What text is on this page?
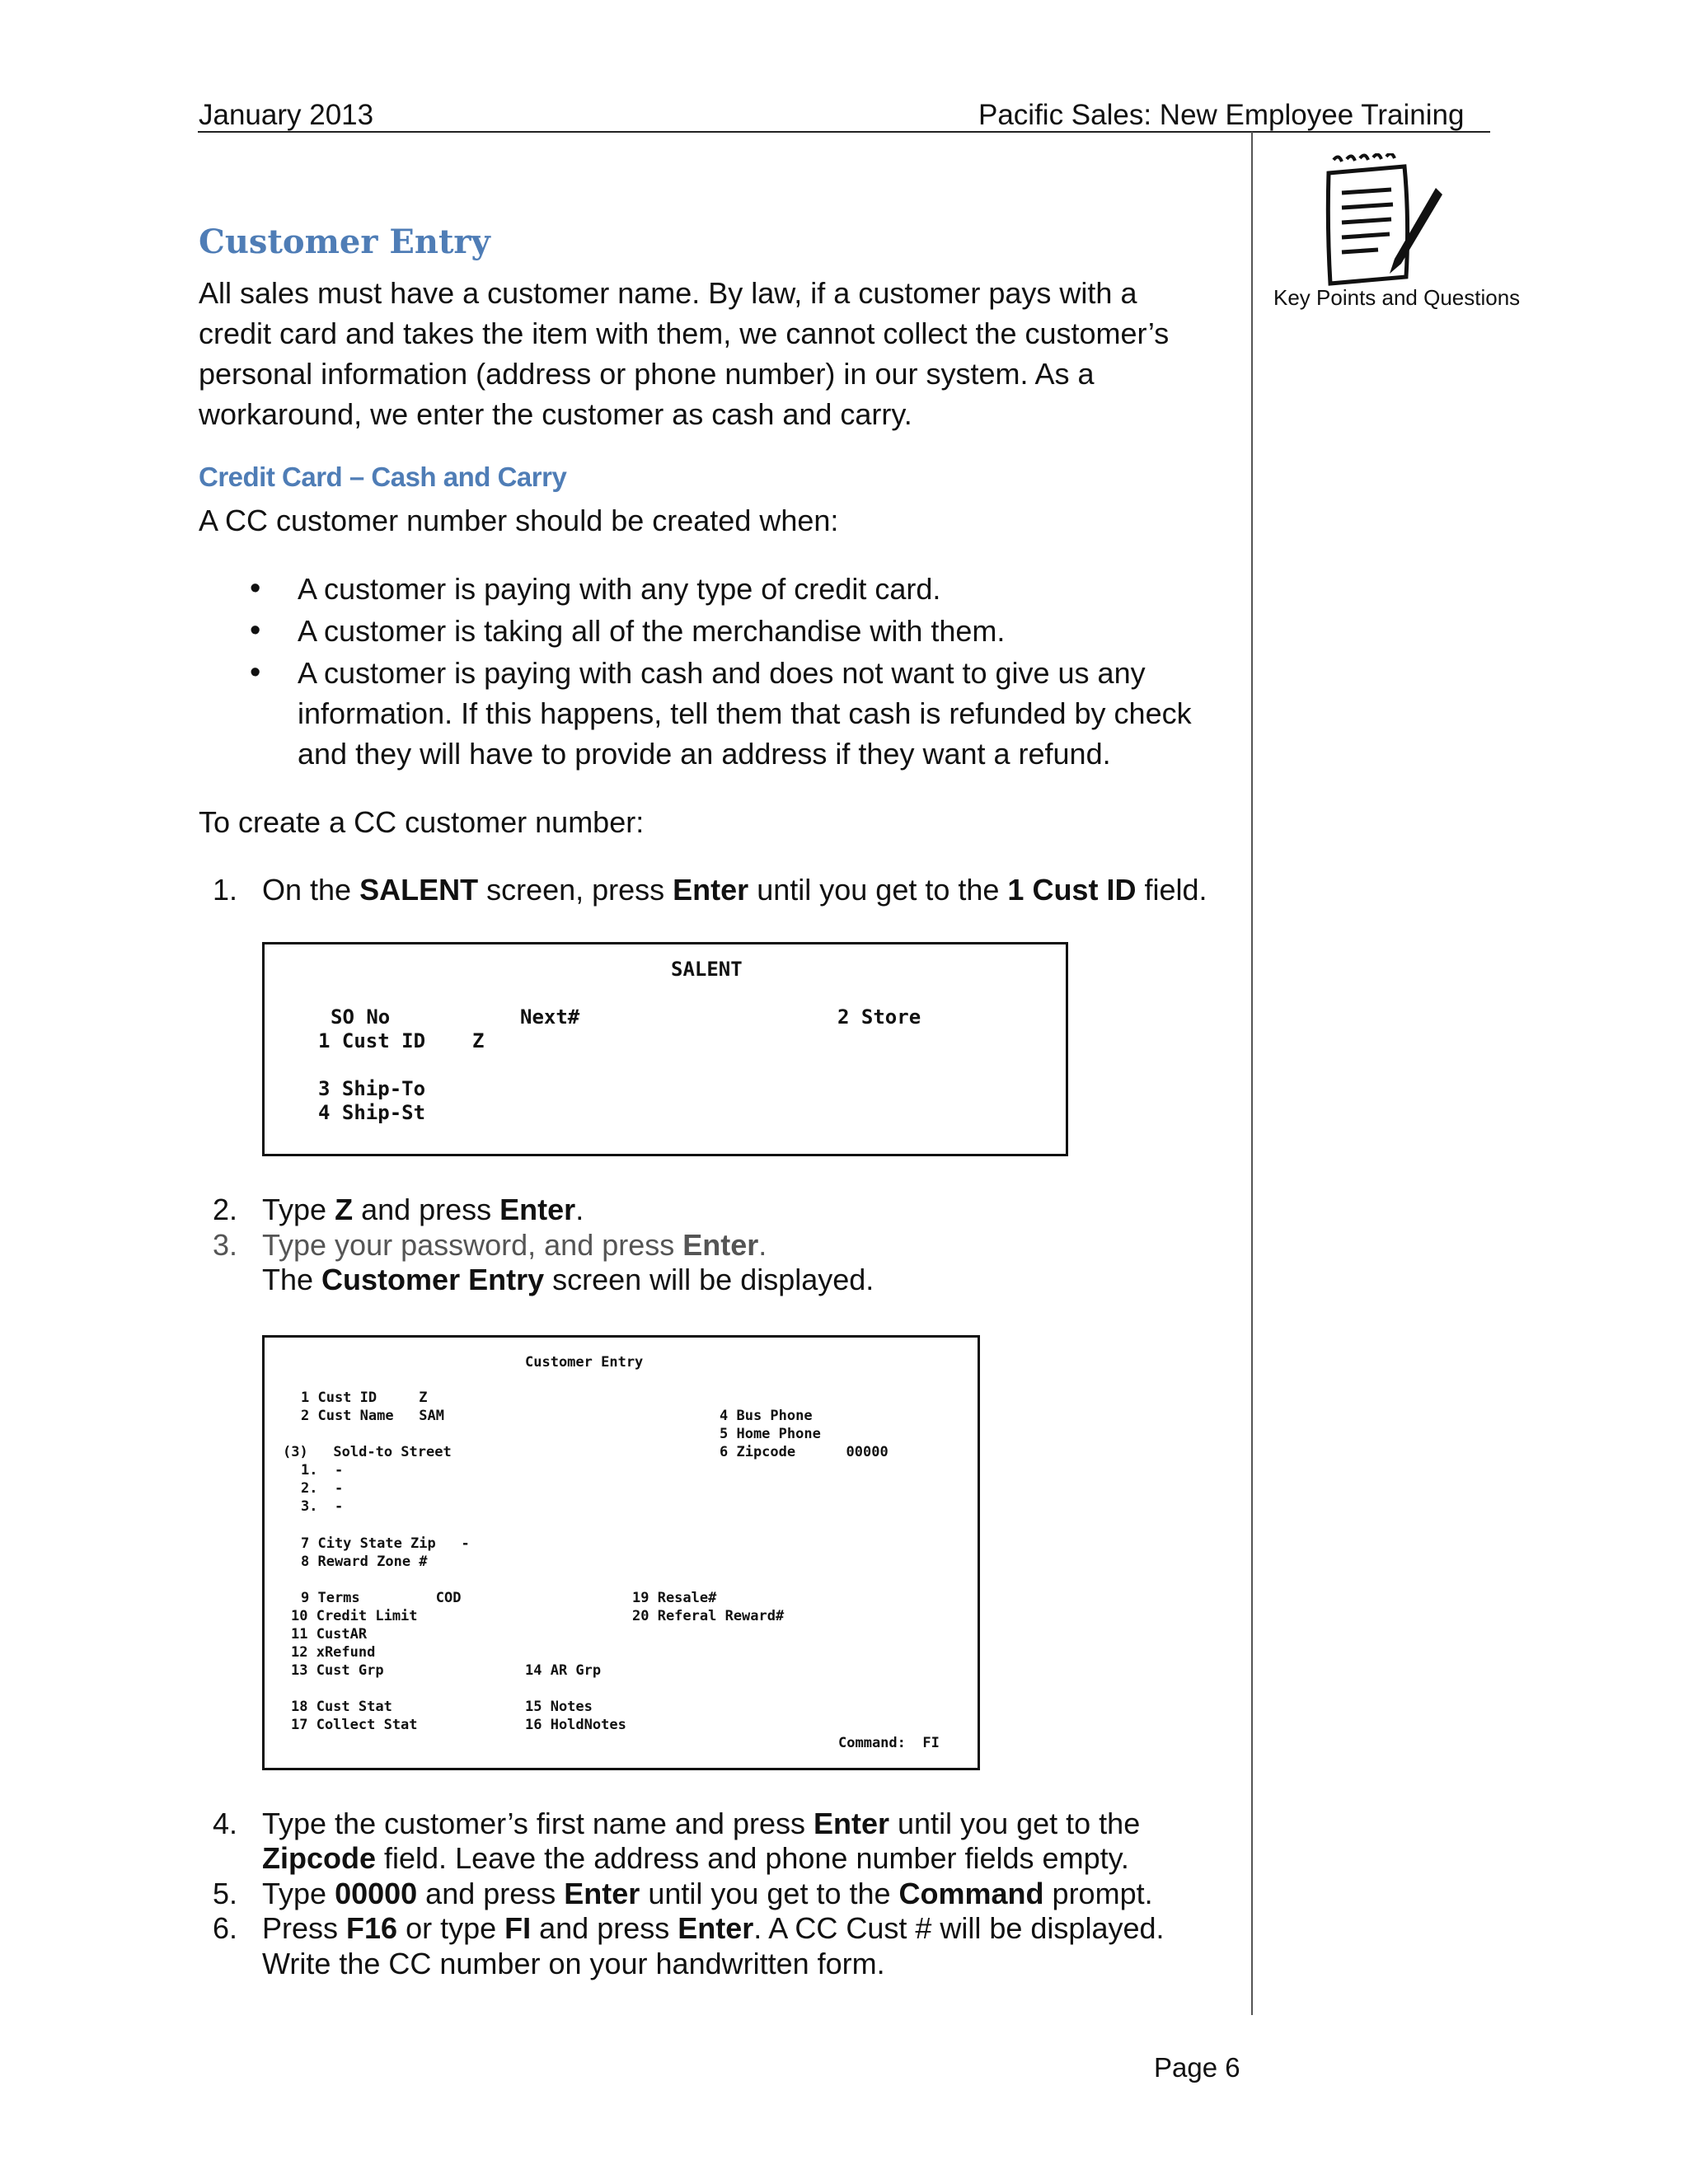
January 2013	Pacific Sales: New Employee Training
Key Points and Questions
Customer Entry
All sales must have a customer name. By law, if a customer pays with a
credit card and takes the item with them, we cannot collect the customer’s
personal information (address or phone number) in our system. As a
workaround, we enter the customer as cash and carry.
Credit Card – Cash and Carry
A CC customer number should be created when:
• A customer is paying with any type of credit card.
• A customer is taking all of the merchandise with them.
• A customer is paying with cash and does not want to give us any
information. If this happens, tell them that cash is refunded by check
and they will have to provide an address if they want a refund.
To create a CC customer number:
1. On the SALENT screen, press Enter until you get to the 1 Cust ID field.

SALENT

SO No

	Next#

	2 Store

1 Cust ID

Z

3 Ship-To

4 Ship-St

2. Type Z and press Enter.
3. Type your password, and press Enter.
The Customer Entry screen will be displayed.

Customer Entry

1 Cust ID     Z

2 Cust Name   SAM

	4 Bus Phone

5 Home Phone

(3)   Sold-to Street

	6 Zipcode      00000

1.  -

2.  -

3.  -

7 City State Zip   -

8 Reward Zone #

9 Terms         COD

	19 Resale#

10 Credit Limit

	20 Referal Reward#

11 CustAR

12 xRefund

13 Cust Grp

	14 AR Grp

18 Cust Stat

	15 Notes

17 Collect Stat

	16 HoldNotes

Command:  FI

4. Type the customer’s first name and press Enter until you get to the
Zipcode field. Leave the address and phone number fields empty.
5. Type 00000 and press Enter until you get to the Command prompt.
6. Press F16 or type FI and press Enter. A CC Cust # will be displayed.
Write the CC number on your handwritten form.
Page 6
